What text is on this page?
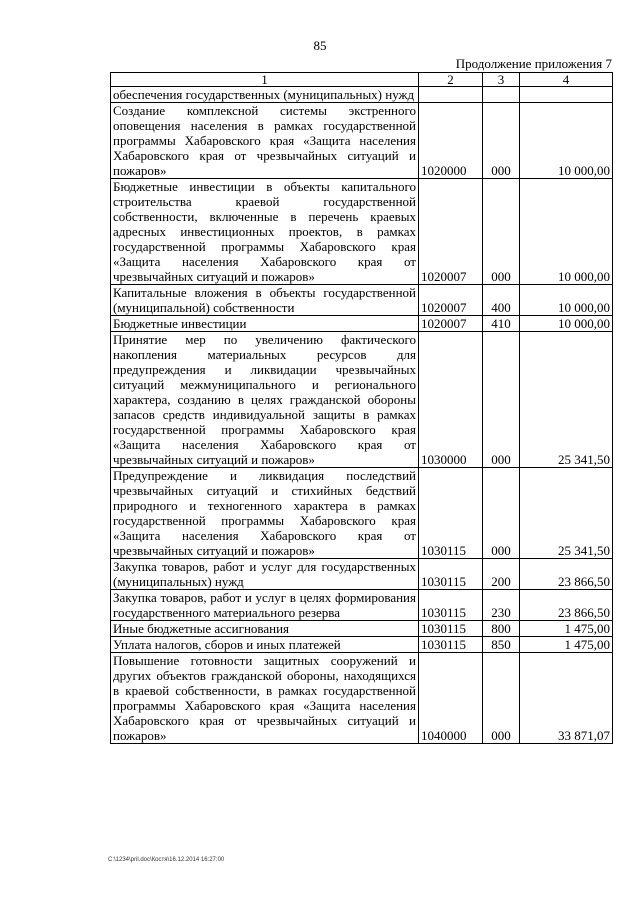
85
Продолжение приложения 7
1	2	3	4
обеспечения государственных (муниципальных) нужд			
Создание комплексной системы экстренного оповещения населения в рамках государственной программы Хабаровского края «Защита населения Хабаровского края от чрезвычайных ситуаций и пожаров»	1020000	000	10 000,00
Бюджетные инвестиции в объекты капитального строительства краевой государственной собственности, включенные в перечень краевых адресных инвестиционных проектов, в рамках государственной программы Хабаровского края «Защита населения Хабаровского края от чрезвычайных ситуаций и пожаров»	1020007	000	10 000,00
Капитальные вложения в объекты государственной (муниципальной) собственности	1020007	400	10 000,00
Бюджетные инвестиции	1020007	410	10 000,00
Принятие мер по увеличению фактического накопления материальных ресурсов для предупреждения и ликвидации чрезвычайных ситуаций межмуниципального и регионального характера, созданию в целях гражданской обороны запасов средств индивидуальной защиты в рамках государственной программы Хабаровского края «Защита населения Хабаровского края от чрезвычайных ситуаций и пожаров»	1030000	000	25 341,50
Предупреждение и ликвидация последствий чрезвычайных ситуаций и стихийных бедствий природного и техногенного характера в рамках государственной программы Хабаровского края «Защита населения Хабаровского края от чрезвычайных ситуаций и пожаров»	1030115	000	25 341,50
Закупка товаров, работ и услуг для государственных (муниципальных) нужд	1030115	200	23 866,50
Закупка товаров, работ и услуг в целях формирования государственного материального резерва	1030115	230	23 866,50
Иные бюджетные ассигнования	1030115	800	1 475,00
Уплата налогов, сборов и иных платежей	1030115	850	1 475,00
Повышение готовности защитных сооружений и других объектов гражданской обороны, находящихся в краевой собственности, в рамках государственной программы Хабаровского края «Защита населения Хабаровского края от чрезвычайных ситуаций и пожаров»	1040000	000	33 871,07
C:\1234\pril.doc\Костя\16.12.2014 16:27:00
